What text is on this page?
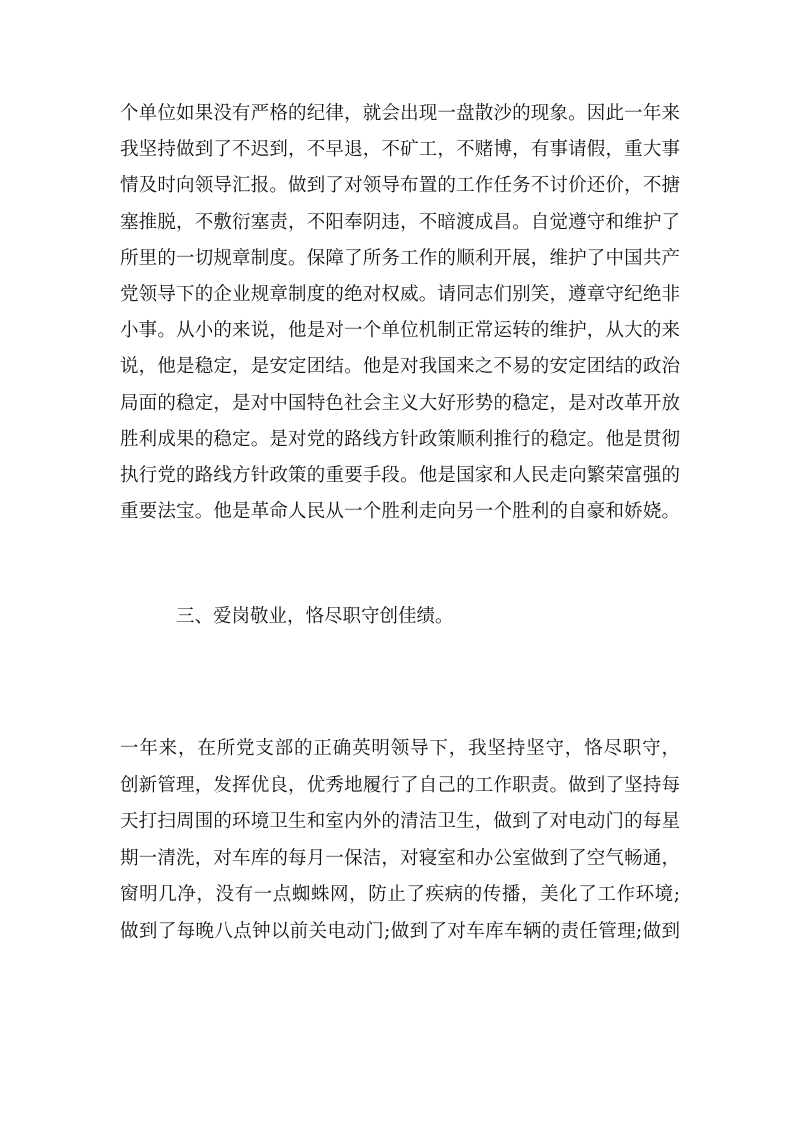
个单位如果没有严格的纪律，就会出现一盘散沙的现象。因此一年来
我坚持做到了不迟到，不早退，不矿工，不赌博，有事请假，重大事
情及时向领导汇报。做到了对领导布置的工作任务不讨价还价，不搪
塞推脱，不敷衍塞责，不阳奉阴违，不暗渡成昌。自觉遵守和维护了
所里的一切规章制度。保障了所务工作的顺利开展，维护了中国共产
党领导下的企业规章制度的绝对权威。请同志们别笑，遵章守纪绝非
小事。从小的来说，他是对一个单位机制正常运转的维护，从大的来
说，他是稳定，是安定团结。他是对我国来之不易的安定团结的政治
局面的稳定，是对中国特色社会主义大好形势的稳定，是对改革开放
胜利成果的稳定。是对党的路线方针政策顺利推行的稳定。他是贯彻
执行党的路线方针政策的重要手段。他是国家和人民走向繁荣富强的
重要法宝。他是革命人民从一个胜利走向另一个胜利的自豪和娇娆。
三、爱岗敬业，恪尽职守创佳绩。
一年来，在所党支部的正确英明领导下，我坚持坚守，恪尽职守，
创新管理，发挥优良，优秀地履行了自己的工作职责。做到了坚持每
天打扫周围的环境卫生和室内外的清洁卫生，做到了对电动门的每星
期一清洗，对车库的每月一保洁，对寝室和办公室做到了空气畅通，
窗明几净，没有一点蜘蛛网，防止了疾病的传播，美化了工作环境;
做到了每晚八点钟以前关电动门;做到了对车库车辆的责任管理;做到
